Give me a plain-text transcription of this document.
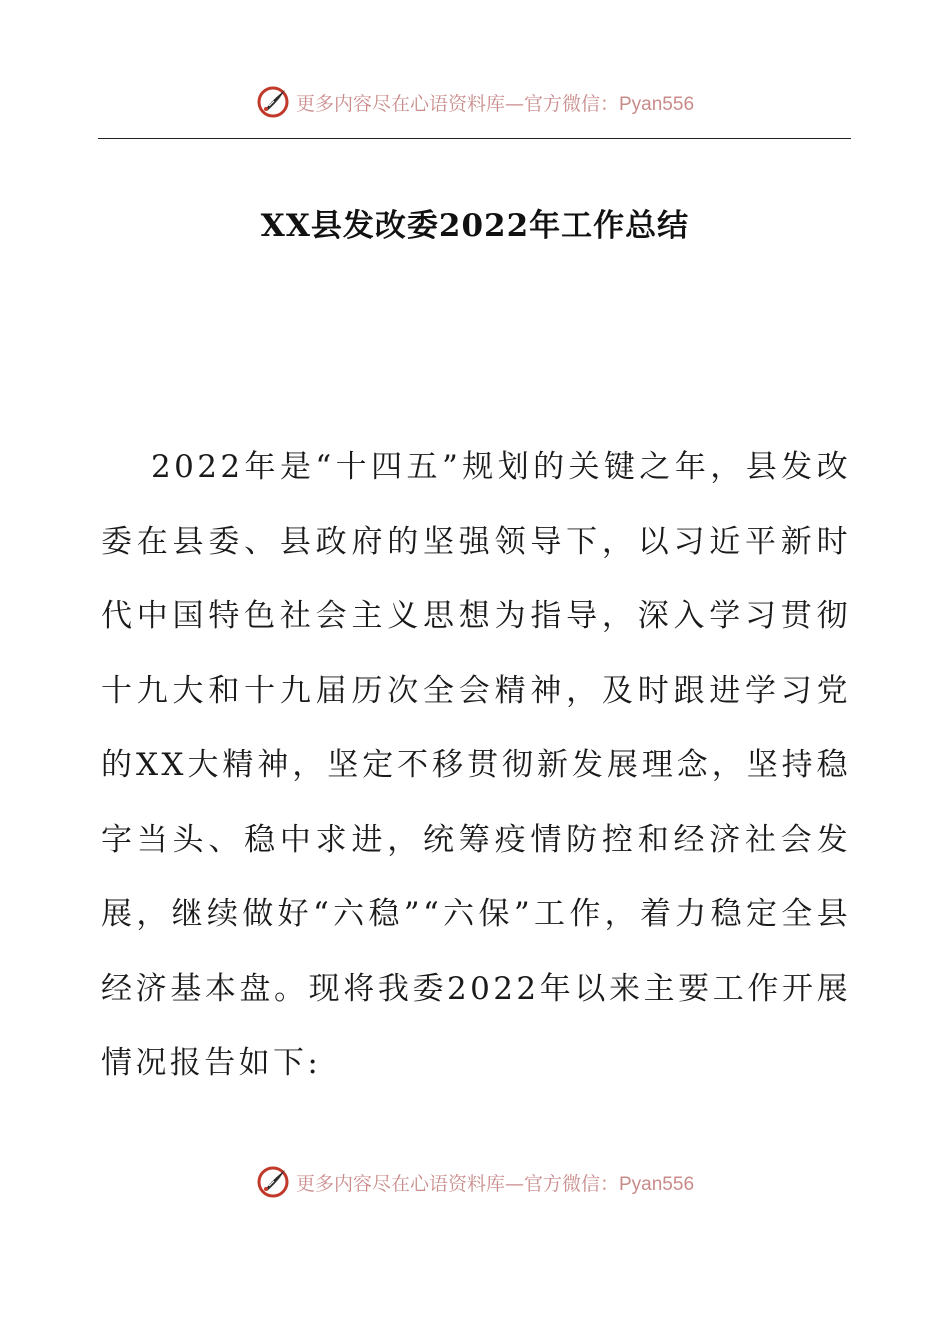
更多内容尽在心语资料库—官方微信：Pyan556
XX县发改委2022年工作总结

2022年是“十四五”规划的关键之年，县发改委在县委、县政府的坚强领导下，以习近平新时代中国特色社会主义思想为指导，深入学习贯彻十九大和十九届历次全会精神，及时跟进学习党的XX大精神，坚定不移贯彻新发展理念，坚持稳字当头、稳中求进，统筹疫情防控和经济社会发展，继续做好“六稳”“六保”工作，着力稳定全县经济基本盘。现将我委2022年以来主要工作开展情况报告如下:

更多内容尽在心语资料库—官方微信：Pyan556
